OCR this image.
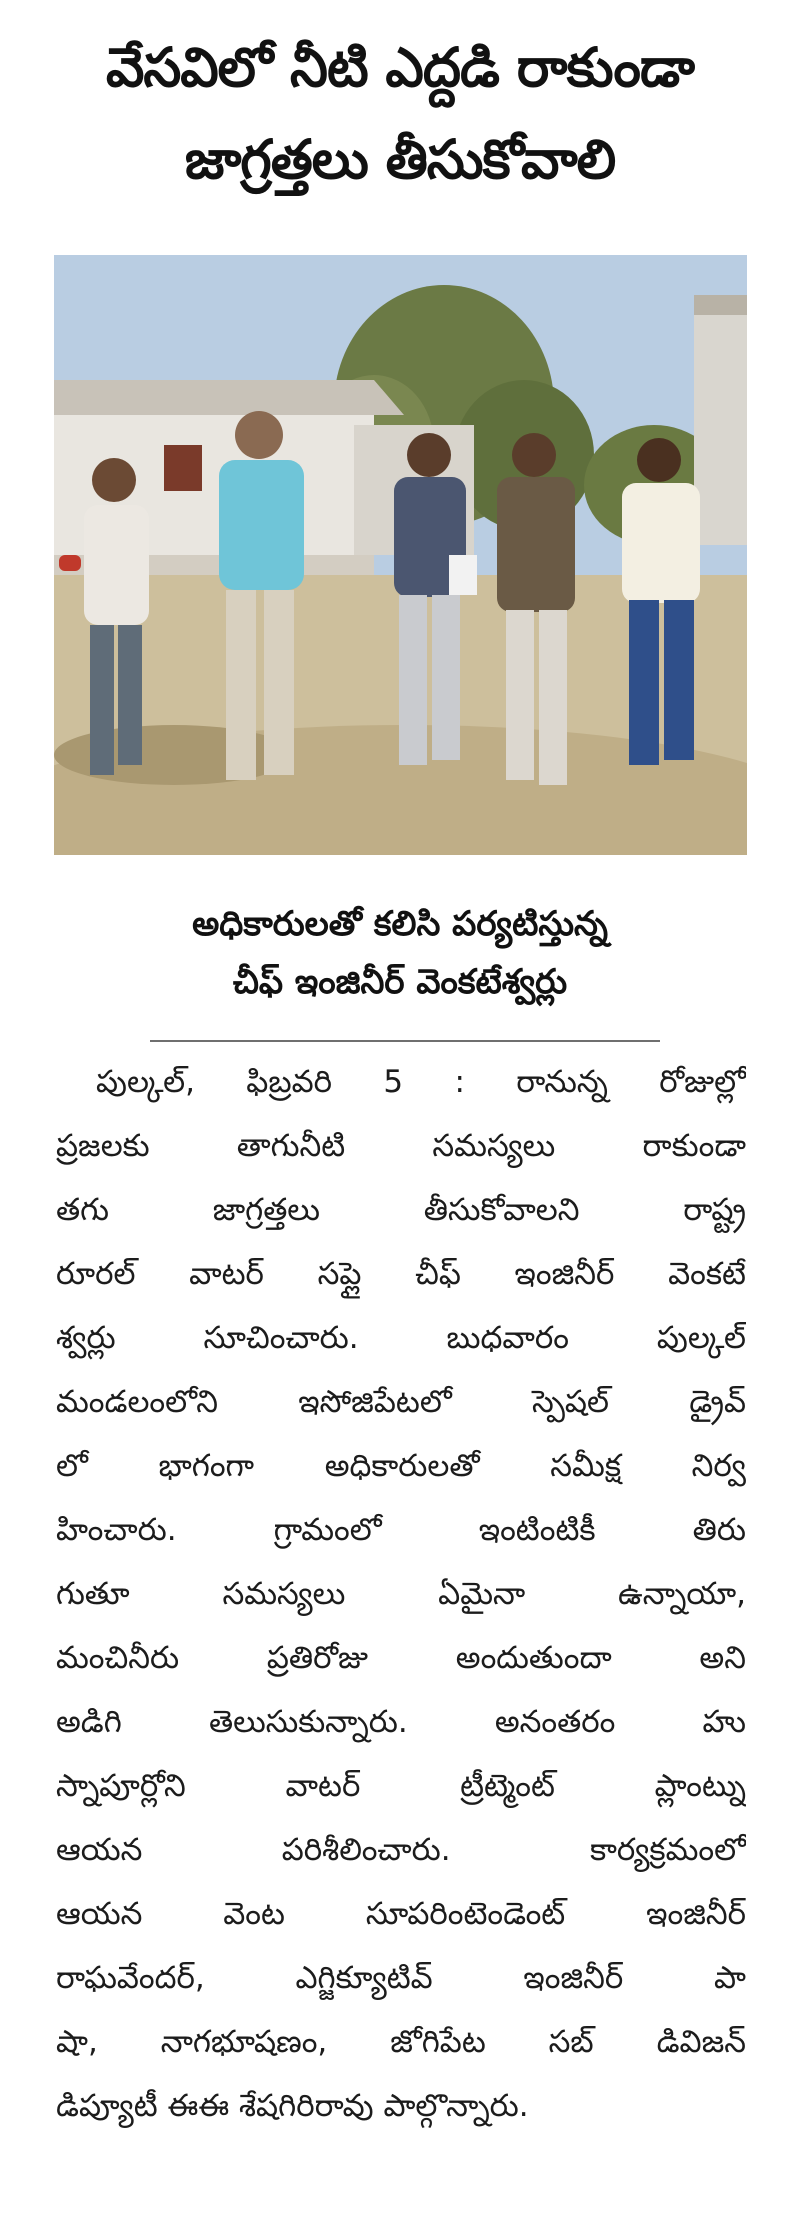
వేసవిలో నీటి ఎద్దడి రాకుండా
జాగ్రత్తలు తీసుకోవాలి
అధికారులతో కలిసి పర్యటిస్తున్న
చీఫ్ ఇంజినీర్ వెంకటేశ్వర్లు
పుల్కల్, ఫిబ్రవరి 5 : రానున్న రోజుల్లో
ప్రజలకు తాగునీటి సమస్యలు రాకుండా
తగు జాగ్రత్తలు తీసుకోవాలని రాష్ట్ర
రూరల్ వాటర్ సప్లై చీఫ్ ఇంజినీర్ వెంకటే
శ్వర్లు సూచించారు. బుధవారం పుల్కల్
మండలంలోని ఇసోజిపేటలో స్పెషల్ డ్రైవ్
లో భాగంగా అధికారులతో సమీక్ష నిర్వ
హించారు. గ్రామంలో ఇంటింటికీ తిరు
గుతూ సమస్యలు ఏమైనా ఉన్నాయా,
మంచినీరు ప్రతిరోజు అందుతుందా అని
అడిగి తెలుసుకున్నారు. అనంతరం హు
స్నాపూర్లోని వాటర్ ట్రీట్మెంట్ ప్లాంట్ను
ఆయన పరిశీలించారు. కార్యక్రమంలో
ఆయన వెంట సూపరింటెండెంట్ ఇంజినీర్
రాఘవేందర్, ఎగ్జిక్యూటివ్ ఇంజినీర్ పా
షా, నాగభూషణం, జోగిపేట సబ్ డివిజన్
డిప్యూటీ ఈఈ శేషగిరిరావు పాల్గొన్నారు.
